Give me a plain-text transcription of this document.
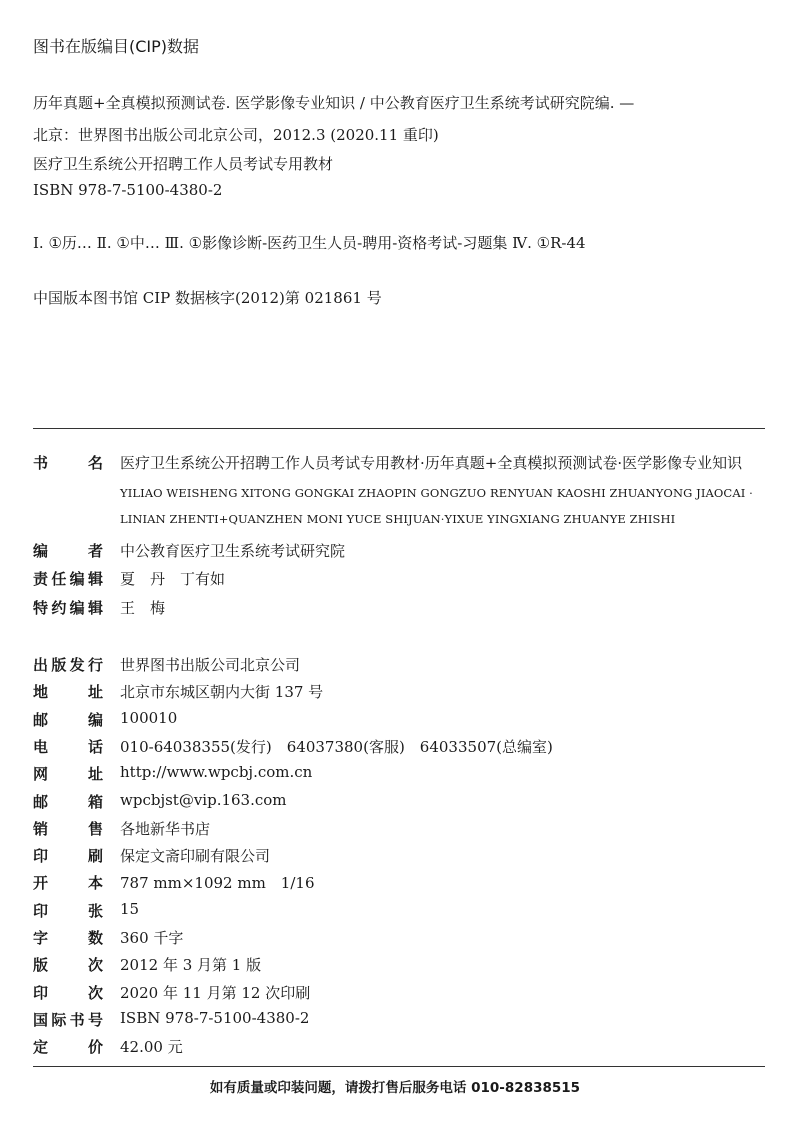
图书在版编目(CIP)数据
历年真题+全真模拟预测试卷. 医学影像专业知识 / 中公教育医疗卫生系统考试研究院编. —
北京：世界图书出版公司北京公司，2012.3 (2020.11 重印)
医疗卫生系统公开招聘工作人员考试专用教材
ISBN 978-7-5100-4380-2
Ⅰ. ①历… Ⅱ. ①中… Ⅲ. ①影像诊断-医药卫生人员-聘用-资格考试-习题集 Ⅳ. ①R-44
中国版本图书馆 CIP 数据核字(2012)第 021861 号
书	名 医疗卫生系统公开招聘工作人员考试专用教材·历年真题+全真模拟预测试卷·医学影像专业知识
YILIAO WEISHENG XITONG GONGKAI ZHAOPIN GONGZUO RENYUAN KAOSHI ZHUANYONG JIAOCAI ·
LINIAN ZHENTI+QUANZHEN MONI YUCE SHIJUAN·YIXUE YINGXIANG ZHUANYE ZHISHI
编	者 中公教育医疗卫生系统考试研究院
责 任 编 辑 夏　丹　丁有如
特 约 编 辑 王　梅
出 版 发 行 世界图书出版公司北京公司
地	址 北京市东城区朝内大街 137 号
邮	编 100010
电	话 010-64038355(发行)　64037380(客服)　64033507(总编室)
网	址 http://www.wpcbj.com.cn
邮	箱 wpcbjst@vip.163.com
销	售 各地新华书店
印	刷 保定文斋印刷有限公司
开	本 787 mm×1092 mm　1/16
印	张 15
字	数 360 千字
版	次 2012 年 3 月第 1 版
印	次 2020 年 11 月第 12 次印刷
国 际 书 号 ISBN 978-7-5100-4380-2
定	价 42.00 元
如有质量或印装问题，请拨打售后服务电话 010-82838515
